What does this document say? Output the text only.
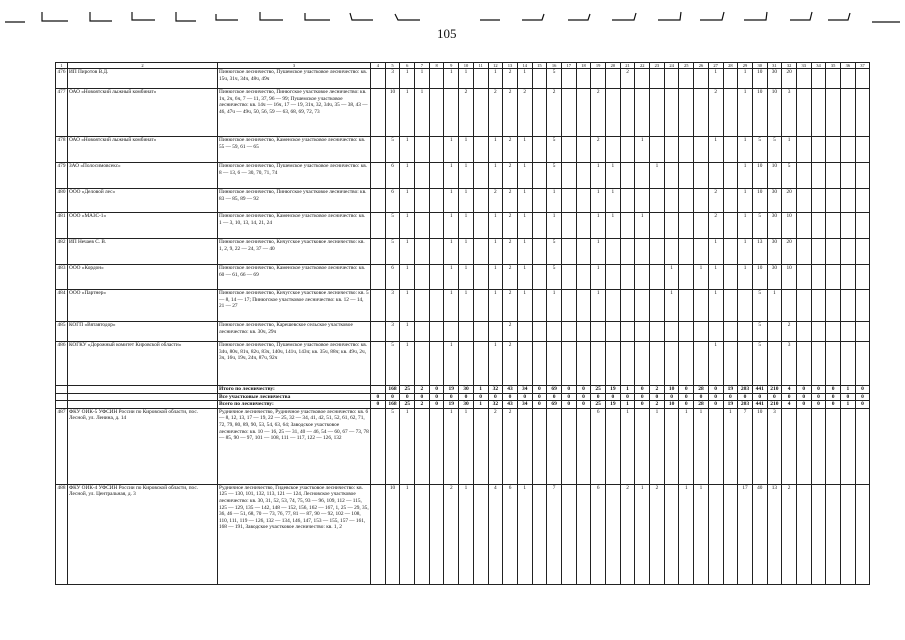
105
1	2	3	4	5	6	7	8	9	10	11	12	13	14	15	16	17	18	19	20	21	22	23	24	25	26	27	28	29	30	31	32	33	34	35	36	37
476	ИП Пиротов В.Д.	Пинюгское лесничество, Пушемское участковое лесничество: кв. 15ч, 31ч, 34ч, 48ч, 49ч		3	1	1		1	1		1	2	1		5					2						1		1	10	30	20					
477	ОАО «Новоятский лыжный комбинат»	Пинюгское лесничество, Пинюгское участковое лесничество: кв. 1ч, 2ч, 6ч, 7 — 11, 37, 96 — 99; Пушемское участковое лесничество: кв. 14ч — 16ч, 17 — 19, 31ч, 32, 34ч, 35 — 38, 43 — 46, 47ч — 49ч, 50, 56, 59 — 63, 68, 69, 72, 73		10	1	1			2		2	2	2		2			2								2		1	10	10	3					
478	ОАО «Новоятский лыжный комбинат»	Пинюгское лесничество, Каменское участковое лесничество: кв. 55 — 59, 61 — 65		5	1			1	1		1	2	1		5			2			1					1		1	5	5	1					
479	ЗАО «Полосимовсекс»	Пинюгское лесничество, Пушемское участковое лесничество: кв. 8 — 13, 6 — 30, 70, 71, 74		6	1			1	1		1	2	1		5			1	1			1						1	10	10	5					
480	ООО «Деловой лес»	Пинюгское лесничество, Пинюгское участковое лесничество: кв. 83 — 85, 89 — 92		6	1			1	1		2	2	1		1			1	1							2		1	10	30	20					
481	ООО «МАЗС-1»	Пинюгское лесничество, Каменское участковое лесничество: кв. 1 — 3, 10, 13, 14, 21, 24		5	1			1	1		1	2	1		1			1	1		1					2		1	5	30	10					
482	ИП Нечаев С. В.	Пинюгское лесничество, Кичугское участковое лесничество: кв. 1, 2, 9, 22 — 24, 37 — 40		5	1			1	1		1	2	1		5			1								1		1	13	30	20					
483	ООО «Кордон»	Пинюгское лесничество, Каменское участковое лесничество: кв. 60 — 61, 66 — 69		6	1			1	1		1	2	1		5			1					1		1	1		1	10	30	10					
484	ООО «Партнер»	Пинюгское лесничество, Кичугское участковое лесничество: кв. 5 — 8, 14 — 17; Пинюгское участковое лесничество: кв. 12 — 14, 21 — 27		3	1			1	1		1	2	1		1			1					1			1			5	1						
485	КОГП «Вятавтодор»	Пинюгское лесничество, Карешевское сельское участковое лесничество: кв. 30ч, 29ч		3	1							2																	5		2					
486	КОГКУ «Дорожный комитет Кировской области»	Пинюгское лесничество, Пушемское участковое лесничество: кв. 34ч, 80ч, 81ч, 82ч, 83ч, 140ч, 141ч, 143ч; кв. 35ч, 88ч; кв. 49ч, 2ч, 3ч, 16ч, 19ч, 24ч, 87ч, 92ч		5	1			1			1	2														1			5		3					
		Итого по лесничеству:		168	25	2	0	19	30	1	32	43	34	0	69	0	0	25	19	1	0	2	10	0	28	0	19	203	441	210	4	0	0	0	1	0
		Все участковые лесничества	0	0	0	0	0	0	0	0	0	0	0	0	0	0	0	0	0	0	0	0	0	0	0	0	0	0	0	0	0	0	0	0	0	0
		Всего по лесничеству:	0	168	25	2	0	19	30	1	32	43	34	0	69	0	0	25	19	1	0	2	10	0	28	0	19	203	441	210	4	0	0	0	1	0
487	ФКУ ОИК-5 УФСИН России по Кировской области, пос. Лесной, ул. Ленина, д. 14	Рудничное лесничество, Рудничное участковое лесничество: кв. 6 — 8, 12, 13, 17 — 19, 22 — 25, 32 — 34, 41, 42, 51, 52, 61, 62, 71, 72, 79, 80, 89, 90, 53, 54, 63, 64; Заводское участковое лесничество: кв. 10 — 16, 25 — 31, 40 — 46, 54 — 60, 67 — 73, 78 — 85, 90 — 97, 101 — 108, 111 — 117, 122 — 126, 132		5	1			1	1		2	2						6		1		1		1	1		1	7	10	3						
488	ФКУ ОИК-4 УФСИН России по Кировской области, пос. Лесной, ул. Центральная, д. 3	Рудничное лесничество, Гидевское участковое лесничество: кв. 125 — 130, 101, 132, 113, 121 — 124, Лесновское участковое лесничество: кв. 30, 31, 52, 53, 74, 75, 93 — 96, 109, 112 — 115, 125 — 129, 135 — 142, 148 — 152, 156, 162 — 167, 1, 25 — 29, 35, 36, 46 — 51, 68, 70 — 73, 76, 77, 81 — 87, 90 — 92, 102 — 108, 110, 111, 119 — 126, 132 — 134, 146, 147, 153 — 155, 157 — 161, 168 — 191, Заводское участковое лесничество: кв. 1, 2		10	1			2	1		4	6	1		7			6		2	1	2		1	1			17	40	13	2					
